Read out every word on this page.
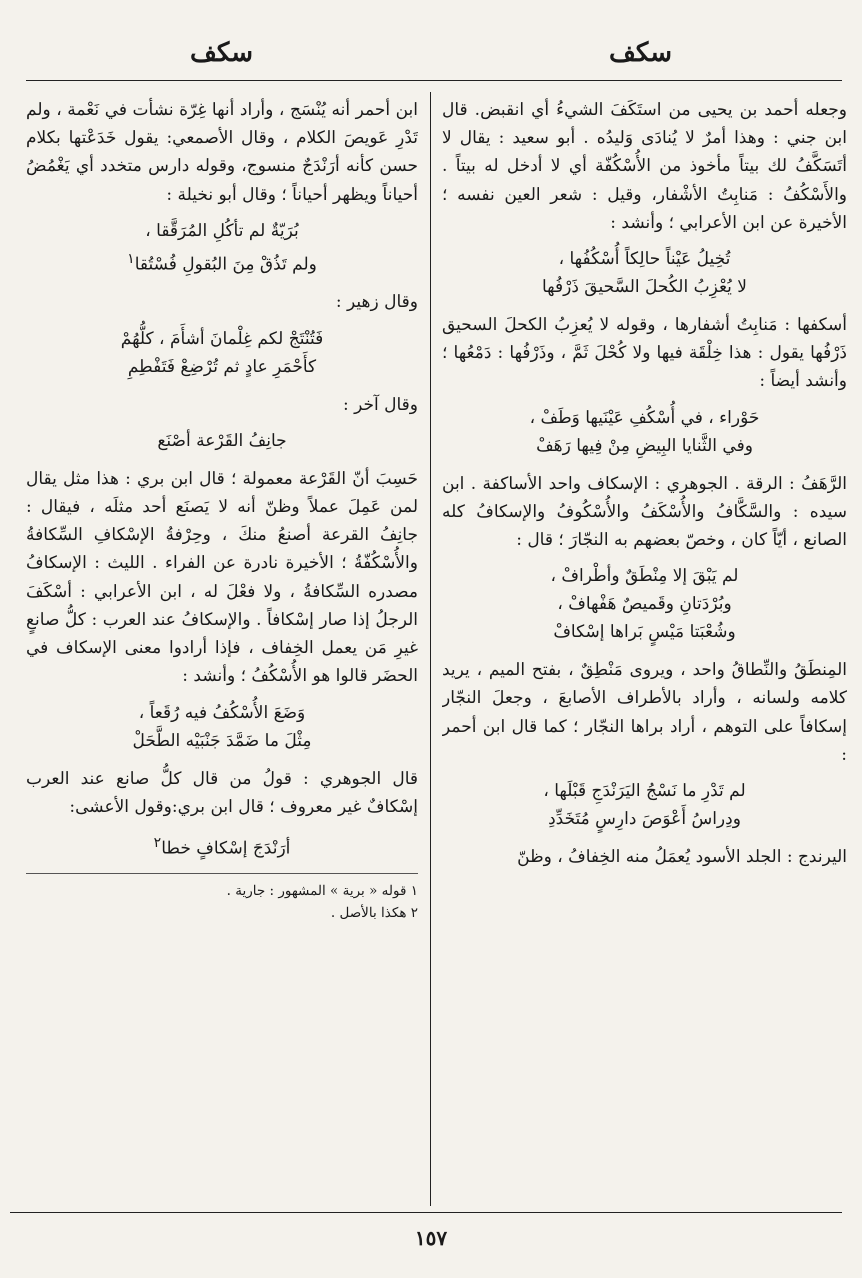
سكف
سكف

وجعله أحمد بن يحيى من استَكَفَ الشيءُ أي انقبض. قال ابن جني : وهذا أمرٌ لا يُنادَى وَليدُه . أبو سعيد : يقال لا أتَسَكَّفُ لك بيتاً مأخوذ من الأُسْكُفّة أي لا أدخل له بيتاً . والأَسْكُفُ : مَنابِتُ الأشْفار، وقيل : شعر العين نفسه ؛ الأخيرة عن ابن الأعرابي ؛ وأنشد :

تُخِيلُ عَيْناً حالِكاً أُسْكُفُها ،
لا يُعْزِبُ الكُحلَ السَّحيقَ ذَرْفُها

أسكفها : مَنابِتُ أشفارها ، وقوله لا يُعزِبُ الكحلَ السحيق ذَرْفُها يقول : هذا خِلْقَة فيها ولا كُحْلَ ثَمَّ ، وذَرْفُها : دَمْعُها ؛ وأنشد أيضاً :

حَوْراء ، في أُسْكُفِ عَيْنَيها وَطَفْ ،
وفي الثَّنايا البِيضِ مِنْ فِيها رَهَفْ

الرَّهَفُ : الرقة . الجوهري : الإسكاف واحد الأساكفة . ابن سيده : والسَّكَّافُ والأُسْكَفُ والأُسْكُوفُ والإسكافُ كله الصانع ، أيّاً كان ، وخصّ بعضهم به النجّارَ ؛ قال :

لم يَبْقَ إلا مِنْطَقٌ وأطْرافْ ،
وبُرْدَتانِ وقَميصٌ هَفْهافْ ،
وشُعْبَتا مَيْسٍ بَراها إسْكافْ

المِنطَقُ والنِّطاقُ واحد ، ويروى مَنْطِقٌ ، بفتح الميم ، يريد كلامه ولسانه ، وأراد بالأطراف الأصابعَ ، وجعلَ النجّار إسكافاً على التوهم ، أراد براها النجّار ؛ كما قال ابن أحمر :

لم تَدْرِ ما نَسْجُ اليَرَنْدَجِ قَبْلَها ،
ودِراسُ أَعْوَصَ دارِسٍ مُتَخَدِّدِ

اليرندج : الجلد الأسود يُعمَلُ منه الخِفافُ ، وظنّ

ابن أحمر أنه يُنْسَج ، وأراد أنها غِرّة نشأت في نَعْمة ، ولم تَدْرِ عَويصَ الكلام ، وقال الأصمعي: يقول خَدَعْتها بكلام حسن كأنه أرَنْدَجٌ منسوج، وقوله دارس متخدد أي يَغْمُضُ أحياناً ويظهر أحياناً ؛ وقال أبو نخيلة :

بُرَيّةٌ لم تأكُلِ المُرَقَّقا ،
ولم تَذُقْ مِنَ البُقولِ فُسْتُقا$^١$

وقال زهير :

فَتُنْتَجْ لكم غِلْمانَ أشأَمَ ، كلُّهُمْ
كأَحْمَرِ عادٍ ثم تُرْضِعْ فَتَفْطِمِ

وقال آخر :

جانِفُ القَرْعة أصْنَع

حَسِبَ أنّ القَرْعة معمولة ؛ قال ابن بري : هذا مثل يقال لمن عَمِلَ عملاً وظنّ أنه لا يَصنَع أحد مثلَه ، فيقال : جانِفُ القرعة أصنعُ منكَ ، وحِرْفةُ الإسْكافِ السِّكافةُ والأُسْكُفّةُ ؛ الأخيرة نادرة عن الفراء . الليث : الإسكافُ مصدره السِّكافةُ ، ولا فعْلَ له ، ابن الأعرابي : أسْكَفَ الرجلُ إذا صار إسْكافاً . والإسكافُ عند العرب : كلُّ صانعٍ غيرِ مَن يعمل الخِفاف ، فإذا أرادوا معنى الإسكاف في الحضَر قالوا هو الأُسْكُفُ ؛ وأنشد :

وَضَعَ الأُسْكُفُ فيه رُقَعاً ،
مِثْلَ ما ضَمَّدَ جَنْبَيْه الطَّحَلْ

قال الجوهري : قولُ من قال كلُّ صانع عند العرب إسْكافٌ غير معروف ؛ قال ابن بري:وقول الأعشى:

أرَنْدَجَ إسْكافٍ خطا$^٢$
١ قوله « برية » المشهور : جارية .
٢ هكذا بالأصل .
١٥٧
